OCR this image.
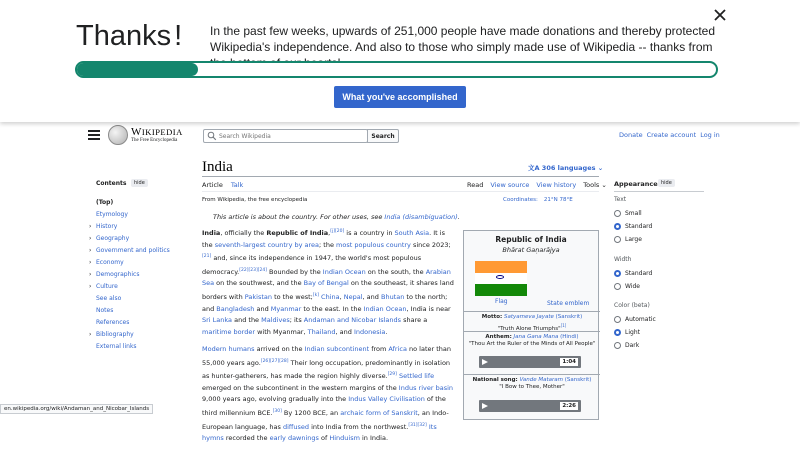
Thanks ! In the past few weeks, upwards of 251,000 people have made donations and thereby protected Wikipedia's independence. And also to those who simply made use of Wikipedia -- thanks from
What you've accomplished
WIKIPEDIA
The Free Encyclopedia
Search Wikipedia
Search	Donate Create account Log in
Contents	hide
(Top)
Etymology
› History
› Geography
› Government and politics
› Economy
› Demographics
› Culture
See also
Notes
References
› Bibliography
External links
India	文A 306 languages ⌄
Article Talk	Read View source View history Tools ⌄
From Wikipedia, the free encyclopedia	Coordinates: 21°N 78°E
This article is about the country. For other uses, see India (disambiguation).

India, officially the Republic of India,[j][20] is a country in South Asia. It is the seventh-largest country by area; the most populous country since 2023;[21] and, since its independence in 1947, the world's most populous democracy.[22][23][24] Bounded by the Indian Ocean on the south, the Arabian Sea on the southwest, and the Bay of Bengal on the southeast, it shares land borders with Pakistan to the west;[k] China, Nepal, and Bhutan to the north; and Bangladesh and Myanmar to the east. In the Indian Ocean, India is near Sri Lanka and the Maldives; its Andaman and Nicobar Islands share a maritime border with Myanmar, Thailand, and Indonesia.

Modern humans arrived on the Indian subcontinent from Africa no later than 55,000 years ago.[26][27][28] Their long occupation, predominantly in isolation as hunter-gatherers, has made the region highly diverse.[29] Settled life emerged on the subcontinent in the western margins of the Indus river basin 9,000 years ago, evolving gradually into the Indus Valley Civilisation of the third millennium BCE.[30] By 1200 BCE, an archaic form of Sanskrit, an Indo-European language, has diffused into India from the northwest.[31][32] Its hymns recorded the early dawnings of Hinduism in India.

Republic of India
Bhārat Gaṇarājya
Flag	State emblem
Motto: Satyameva Jayate (Sanskrit)
"Truth Alone Triumphs"[1]
Anthem: Jana Gana Mana (Hindi)
"Thou Art the Ruler of the Minds of All People"
1:04
National song: Vande Mataram (Sanskrit)
"I Bow to Thee, Mother"
2:26
Appearance hide
Text
Small
Standard
Large
Width
Standard
Wide
Color (beta)
Automatic
Light
Dark
en.wikipedia.org/wiki/Andaman_and_Nicobar_Islands
